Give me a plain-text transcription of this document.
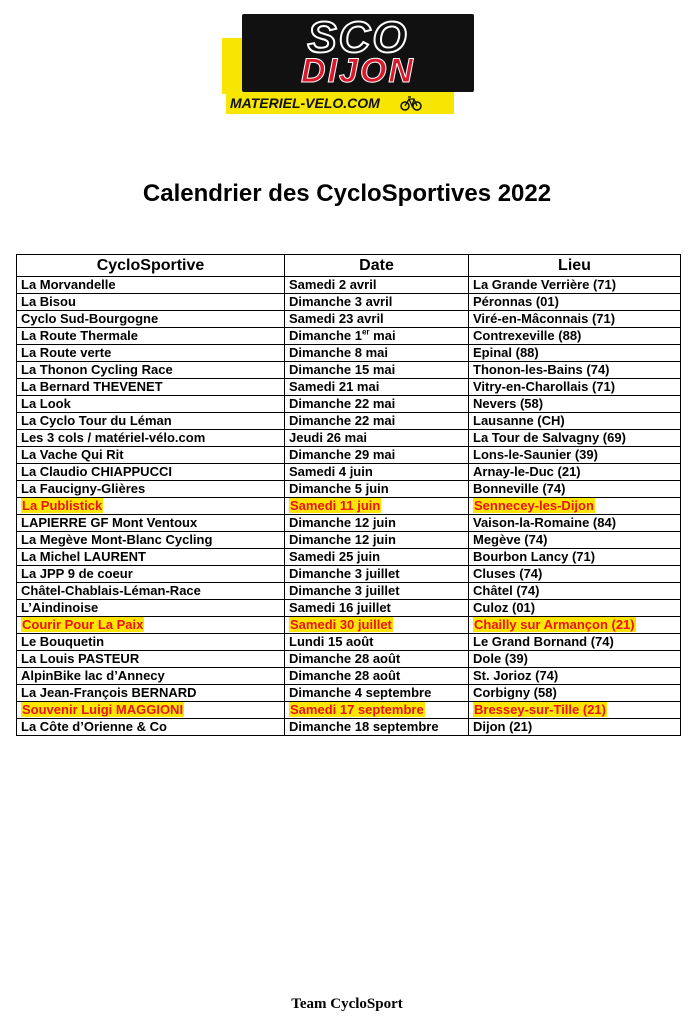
SCO
DIJON
MATERIEL-VELO.COM
Calendrier des CycloSportives 2022
CycloSportive	Date	Lieu
La Morvandelle	Samedi 2 avril	La Grande Verrière (71)
La Bisou	Dimanche 3 avril	Péronnas (01)
Cyclo Sud-Bourgogne	Samedi 23 avril	Viré-en-Mâconnais (71)
La Route Thermale	Dimanche 1er mai	Contrexeville (88)
La Route verte	Dimanche 8 mai	Epinal (88)
La Thonon Cycling Race	Dimanche 15 mai	Thonon-les-Bains (74)
La Bernard THEVENET	Samedi 21 mai	Vitry-en-Charollais (71)
La Look	Dimanche 22 mai	Nevers (58)
La Cyclo Tour du Léman	Dimanche 22 mai	Lausanne (CH)
Les 3 cols / matériel-vélo.com	Jeudi 26 mai	La Tour de Salvagny (69)
La Vache Qui Rit	Dimanche 29 mai	Lons-le-Saunier (39)
La Claudio CHIAPPUCCI	Samedi 4 juin	Arnay-le-Duc (21)
La Faucigny-Glières	Dimanche 5 juin	Bonneville (74)
La Publistick	Samedi 11 juin	Sennecey-les-Dijon
LAPIERRE GF Mont Ventoux	Dimanche 12 juin	Vaison-la-Romaine (84)
La Megève Mont-Blanc Cycling	Dimanche 12 juin	Megève (74)
La Michel LAURENT	Samedi 25 juin	Bourbon Lancy (71)
La JPP 9 de coeur	Dimanche 3 juillet	Cluses (74)
Châtel-Chablais-Léman-Race	Dimanche 3 juillet	Châtel (74)
L’Aindinoise	Samedi 16 juillet	Culoz (01)
Courir Pour La Paix	Samedi 30 juillet	Chailly sur Armançon (21)
Le Bouquetin	Lundi 15 août	Le Grand Bornand (74)
La Louis PASTEUR	Dimanche 28 août	Dole (39)
AlpinBike lac d’Annecy	Dimanche 28 août	St. Jorioz (74)
La Jean-François BERNARD	Dimanche 4 septembre	Corbigny (58)
Souvenir Luigi MAGGIONI	Samedi 17 septembre	Bressey-sur-Tille (21)
La Côte d’Orienne & Co	Dimanche 18 septembre	Dijon (21)
Team CycloSport
